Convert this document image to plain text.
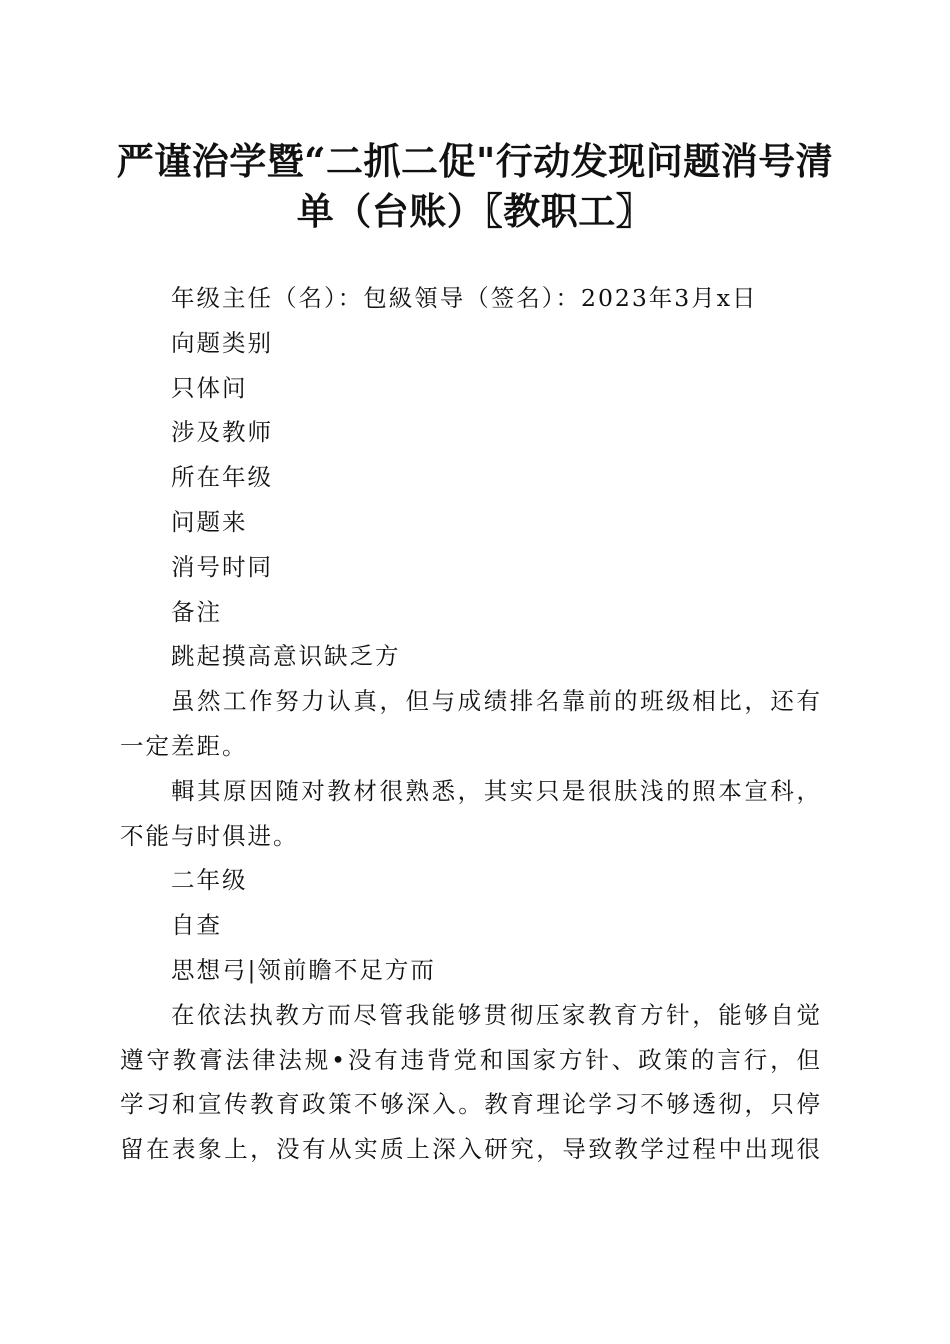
严谨治学暨“二抓二促"行动发现问题消号清
单（台账）〖教职工〗

年级主任（名）：包級領导（签名）：2023年3月x日

向题类别

只体问

涉及教师

所在年级

问题来

消号时同

备注

跳起摸高意识缺乏方

虽然工作努力认真，但与成绩排名靠前的班级相比，还有一定差距。

輯其原因随对教材很熟悉，其实只是很肤浅的照本宣科，不能与时俱进。

二年级

自查

思想弓|领前瞻不足方而

在依法执教方而尽管我能够贯彻压家教育方针，能够自觉
遵守教膏法律法规•没有违背党和国家方针、政策的言行，但
学习和宣传教育政策不够深入。教育理论学习不够透彻，只停
留在表象上，没有从实质上深入研究，导致教学过程中出现很
